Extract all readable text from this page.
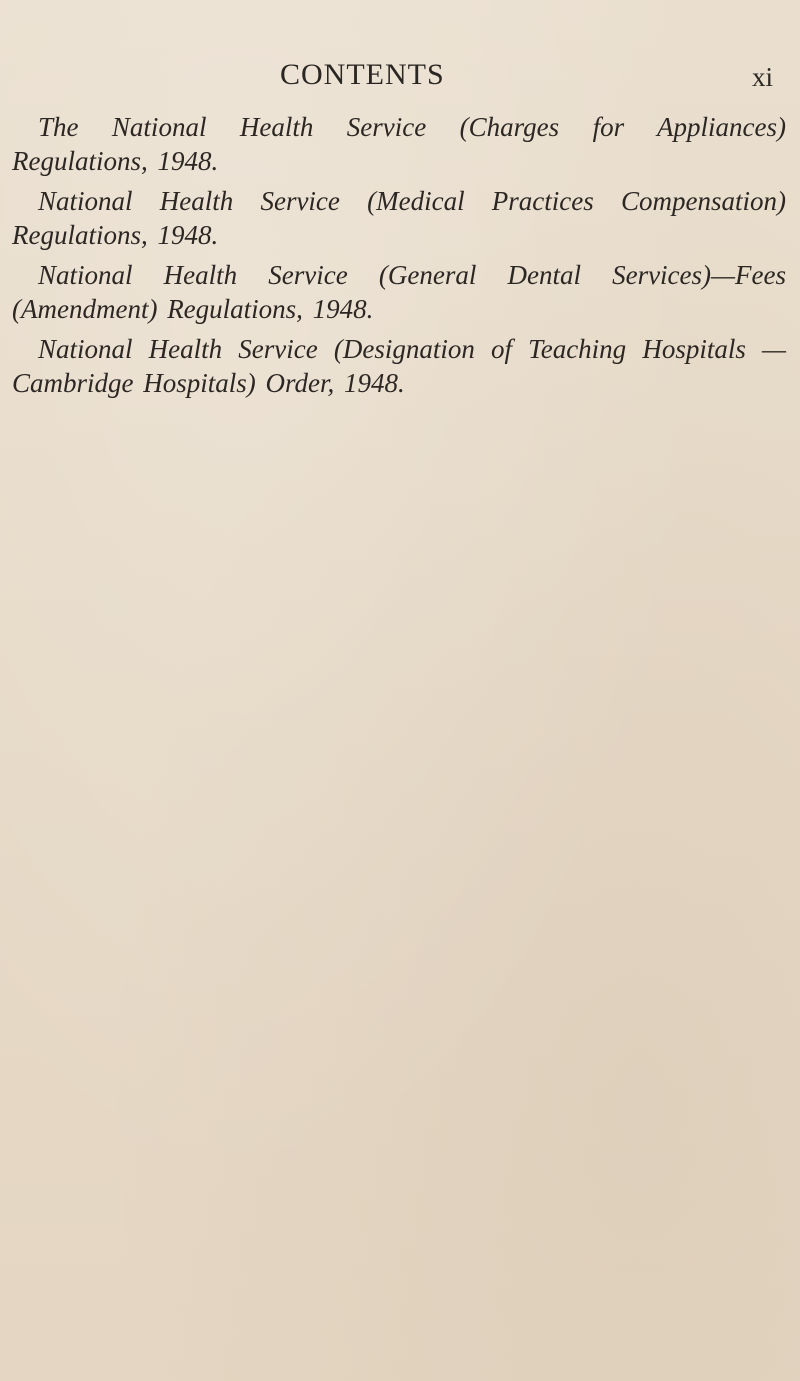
CONTENTS	xi
The National Health Service (Charges for Appliances) Regulations, 1948.
National Health Service (Medical Practices Compensation) Regulations, 1948.
National Health Service (General Dental Services)—Fees (Amendment) Regulations, 1948.
National Health Service (Designation of Teaching Hospitals —Cambridge Hospitals) Order, 1948.
